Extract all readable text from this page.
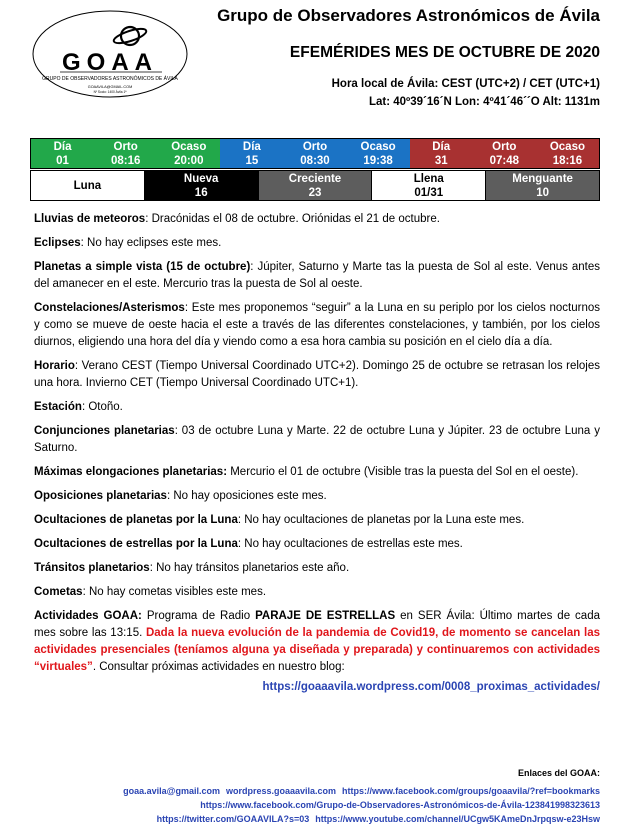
GOAA
GRUPO DE OBSERVADORES ASTRONÓMICOS DE ÁVILA
GOAAVILA@GMAIL.COM
Nº Socio: 1400 Ávila 1ª
Grupo de Observadores Astronómicos de Ávila
EFEMÉRIDES MES DE OCTUBRE DE 2020
Hora local de Ávila: CEST (UTC+2) / CET (UTC+1)
Lat: 40º39´16´N Lon: 4º41´46´´O Alt: 1131m
Día
01
Orto
08:16
Ocaso
20:00
Día
15
Orto
08:30
Ocaso
19:38
Día
31
Orto
07:48
Ocaso
18:16
Luna
Nueva
16
Creciente
23
Llena
01/31
Menguante
10

Lluvias de meteoros: Dracónidas el 08 de octubre. Oriónidas el 21 de octubre.

Eclipses: No hay eclipses este mes.

Planetas a simple vista (15 de octubre): Júpiter, Saturno y Marte tas la puesta de Sol al este. Venus antes del amanecer en el este. Mercurio tras la puesta de Sol al oeste.

Constelaciones/Asterismos: Este mes proponemos “seguir” a la Luna en su periplo por los cielos nocturnos y como se mueve de oeste hacia el este a través de las diferentes constelaciones, y también, por los cielos diurnos, eligiendo una hora del día y viendo como a esa hora cambia su posición en el cielo día a día.

Horario: Verano CEST (Tiempo Universal Coordinado UTC+2). Domingo 25 de octubre se retrasan los relojes una hora. Invierno CET (Tiempo Universal Coordinado UTC+1).

Estación: Otoño.

Conjunciones planetarias: 03 de octubre Luna y Marte. 22 de octubre Luna y Júpiter. 23 de octubre Luna y Saturno.

Máximas elongaciones planetarias: Mercurio el 01 de octubre (Visible tras la puesta del Sol en el oeste).

Oposiciones planetarias: No hay oposiciones este mes.

Ocultaciones de planetas por la Luna: No hay ocultaciones de planetas por la Luna este mes.

Ocultaciones de estrellas por la Luna: No hay ocultaciones de estrellas este mes.

Tránsitos planetarios: No hay tránsitos planetarios este año.

Cometas: No hay cometas visibles este mes.

Actividades GOAA: Programa de Radio PARAJE DE ESTRELLAS en SER Ávila: Último martes de cada mes sobre las 13:15. Dada la nueva evolución de la pandemia de Covid19, de momento se cancelan las actividades presenciales (teníamos alguna ya diseñada y preparada) y continuaremos con actividades “virtuales”. Consultar próximas actividades en nuestro blog:

https://goaaavila.wordpress.com/0008_proximas_actividades/

Enlaces del GOAA:
goaa.avila@gmail.com wordpress.goaaavila.com https://www.facebook.com/groups/goaavila/?ref=bookmarks
https://www.facebook.com/Grupo-de-Observadores-Astronómicos-de-Ávila-123841998323613
https://twitter.com/GOAAVILA?s=03 https://www.youtube.com/channel/UCgw5KAmeDnJrpqsw-e23Hsw
